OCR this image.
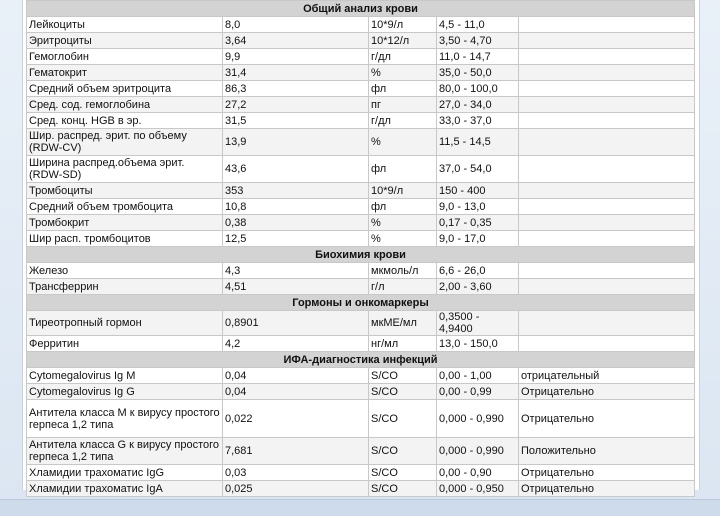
Общий анализ крови				
Лейкоциты	8,0	10*9/л	4,5 - 11,0	
Эритроциты	3,64	10*12/л	3,50 - 4,70	
Гемоглобин	9,9	г/дл	11,0 - 14,7	
Гематокрит	31,4	%	35,0 - 50,0	
Средний объем эритроцита	86,3	фл	80,0 - 100,0	
Сред. сод. гемоглобина	27,2	пг	27,0 - 34,0	
Сред. конц. HGB в эр.	31,5	г/дл	33,0 - 37,0	
Шир. распред. эрит. по объему (RDW-CV)	13,9	%	11,5 - 14,5	
Ширина распред.объема эрит. (RDW-SD)	43,6	фл	37,0 - 54,0	
Тромбоциты	353	10*9/л	150 - 400	
Средний объем тромбоцита	10,8	фл	9,0 - 13,0	
Тромбокрит	0,38	%	0,17 - 0,35	
Шир расп. тромбоцитов	12,5	%	9,0 - 17,0	
Биохимия крови				
Железо	4,3	мкмоль/л	6,6 - 26,0	
Трансферрин	4,51	г/л	2,00 - 3,60	
Гормоны и онкомаркеры				
Тиреотропный гормон	0,8901	мкМЕ/мл	0,3500 - 4,9400	
Ферритин	4,2	нг/мл	13,0 - 150,0	
ИФА-диагностика инфекций				
Cytomegalovirus Ig M	0,04	S/CO	0,00 - 1,00	отрицательный
Cytomegalovirus Ig G	0,04	S/CO	0,00 - 0,99	Отрицательно
Антитела класса М к вирусу простого герпеса 1,2 типа	0,022	S/CO	0,000 - 0,990	Отрицательно
Антитела класса G к вирусу простого герпеса 1,2 типа	7,681	S/CO	0,000 - 0,990	Положительно
Хламидии трахоматис IgG	0,03	S/CO	0,00 - 0,90	Отрицательно
Хламидии трахоматис IgA	0,025	S/CO	0,000 - 0,950	Отрицательно
